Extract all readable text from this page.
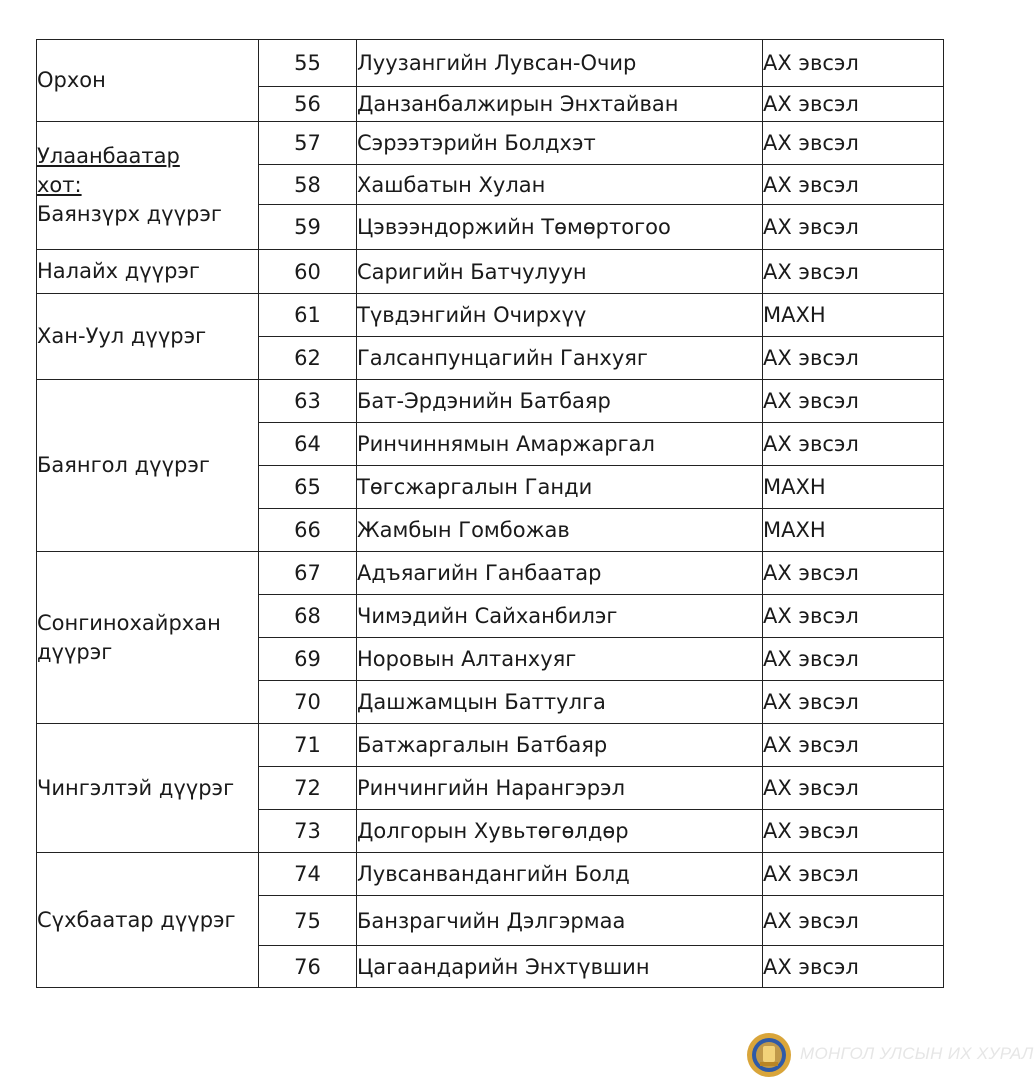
Орхон	55	Луузангийн Лувсан-Очир	АХ эвсэл
	56	Данзанбалжирын Энхтайван	АХ эвсэл

Улаанбаатар
хот:
Баянзүрх дүүрэг	57	Сэрээтэрийн Болдхэт	АХ эвсэл
	58	Хашбатын Хулан	АХ эвсэл
	59	Цэвээндоржийн Төмөртогоо	АХ эвсэл

Налайх дүүрэг	60	Саригийн Батчулуун	АХ эвсэл

Хан-Уул дүүрэг	61	Түвдэнгийн Очирхүү	МАХН
	62	Галсанпунцагийн Ганхуяг	АХ эвсэл

Баянгол дүүрэг	63	Бат-Эрдэнийн Батбаяр	АХ эвсэл
	64	Ринчиннямын Амаржаргал	АХ эвсэл
	65	Төгсжаргалын Ганди	МАХН
	66	Жамбын Гомбожав	МАХН

Сонгинохайрхан
дүүрэг	67	Адъяагийн Ганбаатар	АХ эвсэл
	68	Чимэдийн Сайханбилэг	АХ эвсэл
	69	Норовын Алтанхуяг	АХ эвсэл
	70	Дашжамцын Баттулга	АХ эвсэл

Чингэлтэй дүүрэг	71	Батжаргалын Батбаяр	АХ эвсэл
	72	Ринчингийн Нарангэрэл	АХ эвсэл
	73	Долгорын Хувьтөгөлдөр	АХ эвсэл

Сүхбаатар дүүрэг	74	Лувсанвандангийн Болд	АХ эвсэл
	75	Банзрагчийн Дэлгэрмаа	АХ эвсэл
	76	Цагаандарийн Энхтүвшин	АХ эвсэл
МОНГОЛ УЛСЫН ИХ ХУРАЛ
